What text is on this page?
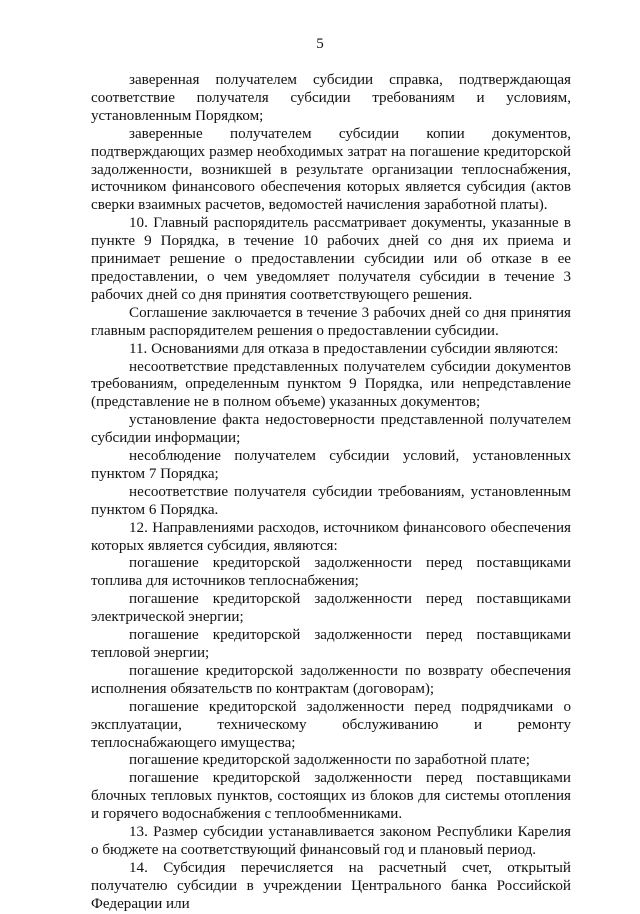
5

заверенная получателем субсидии справка, подтверждающая соответствие получателя субсидии требованиям и условиям, установленным Порядком;

заверенные получателем субсидии копии документов, подтверждающих размер необходимых затрат на погашение кредиторской задолженности, возникшей в результате организации теплоснабжения, источником финансового обеспечения которых является субсидия (актов сверки взаимных расчетов, ведомостей начисления заработной платы).

10. Главный распорядитель рассматривает документы, указанные в пункте 9 Порядка, в течение 10 рабочих дней со дня их приема и принимает решение о предоставлении субсидии или об отказе в ее предоставлении, о чем уведомляет получателя субсидии в течение 3 рабочих дней со дня принятия соответствующего решения.

Соглашение заключается в течение 3 рабочих дней со дня принятия главным распорядителем решения о предоставлении субсидии.

11. Основаниями для отказа в предоставлении субсидии являются:

несоответствие представленных получателем субсидии документов требованиям, определенным пунктом 9 Порядка, или непредставление (представление не в полном объеме) указанных документов;

установление факта недостоверности представленной получателем субсидии информации;

несоблюдение получателем субсидии условий, установленных пунктом 7 Порядка;

несоответствие получателя субсидии требованиям, установленным пунктом 6 Порядка.

12. Направлениями расходов, источником финансового обеспечения которых является субсидия, являются:

погашение кредиторской задолженности перед поставщиками топлива для источников теплоснабжения;

погашение кредиторской задолженности перед поставщиками электрической энергии;

погашение кредиторской задолженности перед поставщиками тепловой энергии;

погашение кредиторской задолженности по возврату обеспечения исполнения обязательств по контрактам (договорам);

погашение кредиторской задолженности перед подрядчиками о эксплуатации, техническому обслуживанию и ремонту теплоснабжающего имущества;

погашение кредиторской задолженности по заработной плате;

погашение кредиторской задолженности перед поставщиками блочных тепловых пунктов, состоящих из блоков для системы отопления и горячего водоснабжения с теплообменниками.

13. Размер субсидии устанавливается законом Республики Карелия о бюджете на соответствующий финансовый год и плановый период.

14. Субсидия перечисляется на расчетный счет, открытый получателю субсидии в учреждении Центрального банка Российской Федерации или
